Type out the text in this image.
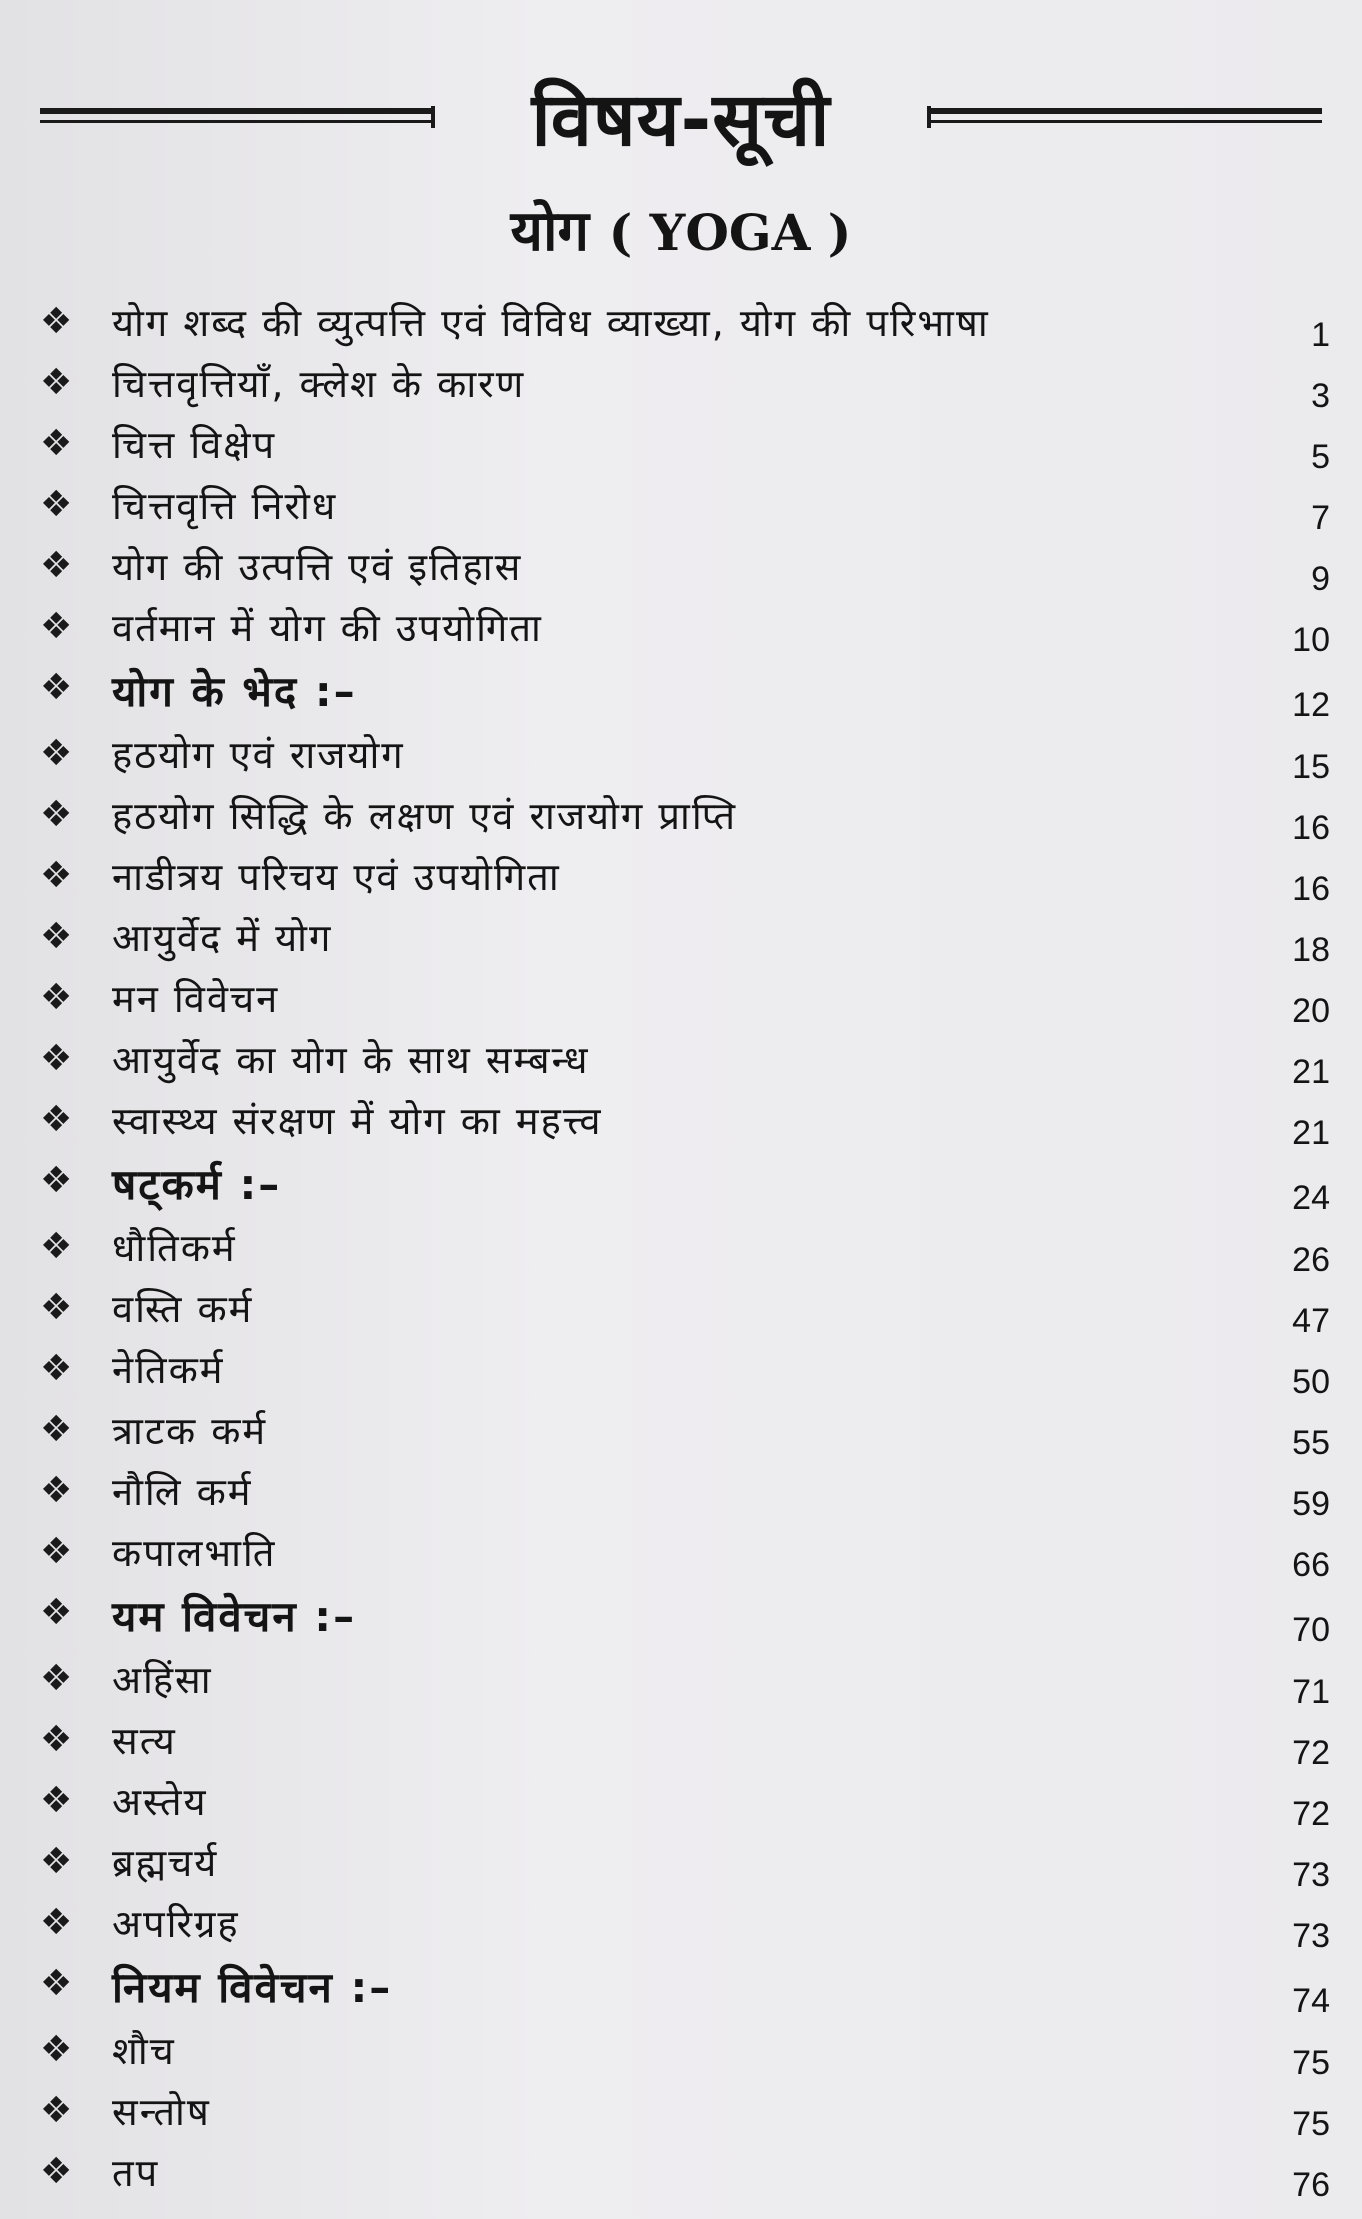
विषय-सूची
योग ( YOGA )
❖ योग शब्द की व्युत्पत्ति एवं विविध व्याख्या, योग की परिभाषा	1
❖ चित्तवृत्तियाँ, क्लेश के कारण	3
❖ चित्त विक्षेप	5
❖ चित्तवृत्ति निरोध	7
❖ योग की उत्पत्ति एवं इतिहास	9
❖ वर्तमान में योग की उपयोगिता	10
❖ योग के भेद :–	12
❖ हठयोग एवं राजयोग	15
❖ हठयोग सिद्धि के लक्षण एवं राजयोग प्राप्ति	16
❖ नाडीत्रय परिचय एवं उपयोगिता	16
❖ आयुर्वेद में योग	18
❖ मन विवेचन	20
❖ आयुर्वेद का योग के साथ सम्बन्ध	21
❖ स्वास्थ्य संरक्षण में योग का महत्त्व	21
❖ षट्कर्म :–	24
❖ धौतिकर्म	26
❖ वस्ति कर्म	47
❖ नेतिकर्म	50
❖ त्राटक कर्म	55
❖ नौलि कर्म	59
❖ कपालभाति	66
❖ यम विवेचन :–	70
❖ अहिंसा	71
❖ सत्य	72
❖ अस्तेय	72
❖ ब्रह्मचर्य	73
❖ अपरिग्रह	73
❖ नियम विवेचन :–	74
❖ शौच	75
❖ सन्तोष	75
❖ तप	76
